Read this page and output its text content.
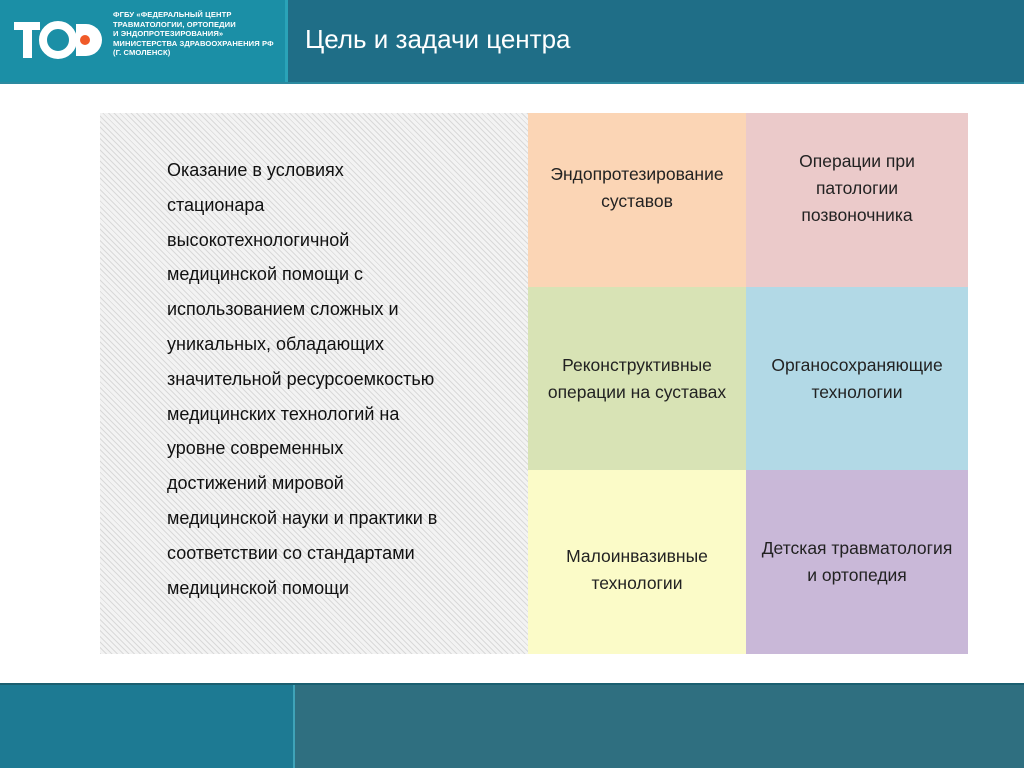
ФГБУ «ФЕДЕРАЛЬНЫЙ ЦЕНТР
ТРАВМАТОЛОГИИ, ОРТОПЕДИИ
И ЭНДОПРОТЕЗИРОВАНИЯ»
МИНИСТЕРСТВА ЗДРАВООХРАНЕНИЯ РФ
(Г. СМОЛЕНСК)	Цель и задачи центра
Оказание в условиях
стационара
высокотехнологичной
медицинской помощи с
использованием сложных и
уникальных, обладающих
значительной ресурсоемкостью
медицинских технологий на
уровне современных
достижений мировой
медицинской науки и практики в
соответствии со стандартами
медицинской помощи
Эндопротезирование
суставов
Операции при
патологии
позвоночника
Реконструктивные
операции на суставах
Органосохраняющие
технологии
Малоинвазивные
технологии
Детская травматология
и ортопедия
